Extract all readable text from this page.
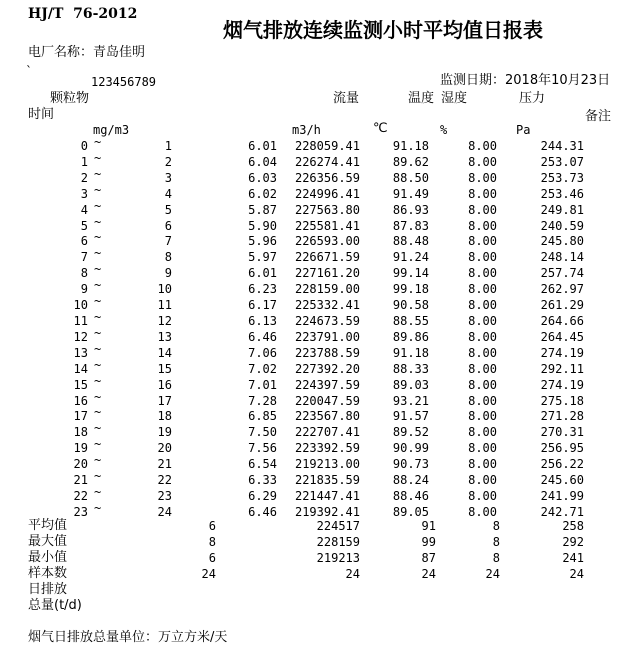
HJ/T  76-2012
烟气排放连续监测小时平均值日报表
电厂名称：青岛佳明
`
123456789	监测日期：2018年10月23日
颗粒物	流量	温度 湿度	压力
时间	备注
mg/m3	m3/h	℃	%	Pa
0 ~	1	6.01	228059.41	91.18	8.00	244.31
1 ~	2	6.04	226274.41	89.62	8.00	253.07
2 ~	3	6.03	226356.59	88.50	8.00	253.73
3 ~	4	6.02	224996.41	91.49	8.00	253.46
4 ~	5	5.87	227563.80	86.93	8.00	249.81
5 ~	6	5.90	225581.41	87.83	8.00	240.59
6 ~	7	5.96	226593.00	88.48	8.00	245.80
7 ~	8	5.97	226671.59	91.24	8.00	248.14
8 ~	9	6.01	227161.20	99.14	8.00	257.74
9 ~	10	6.23	228159.00	99.18	8.00	262.97
10 ~	11	6.17	225332.41	90.58	8.00	261.29
11 ~	12	6.13	224673.59	88.55	8.00	264.66
12 ~	13	6.46	223791.00	89.86	8.00	264.45
13 ~	14	7.06	223788.59	91.18	8.00	274.19
14 ~	15	7.02	227392.20	88.33	8.00	292.11
15 ~	16	7.01	224397.59	89.03	8.00	274.19
16 ~	17	7.28	220047.59	93.21	8.00	275.18
17 ~	18	6.85	223567.80	91.57	8.00	271.28
18 ~	19	7.50	222707.41	89.52	8.00	270.31
19 ~	20	7.56	223392.59	90.99	8.00	256.95
20 ~	21	6.54	219213.00	90.73	8.00	256.22
21 ~	22	6.33	221835.59	88.24	8.00	245.60
22 ~	23	6.29	221447.41	88.46	8.00	241.99
23 ~	24	6.46	219392.41	89.05	8.00	242.71
平均值	6	224517	91	8	258
最大值	8	228159	99	8	292
最小值	6	219213	87	8	241
样本数	24	24	24	24	24
日排放
总量(t/d)
烟气日排放总量单位：万立方米/天
